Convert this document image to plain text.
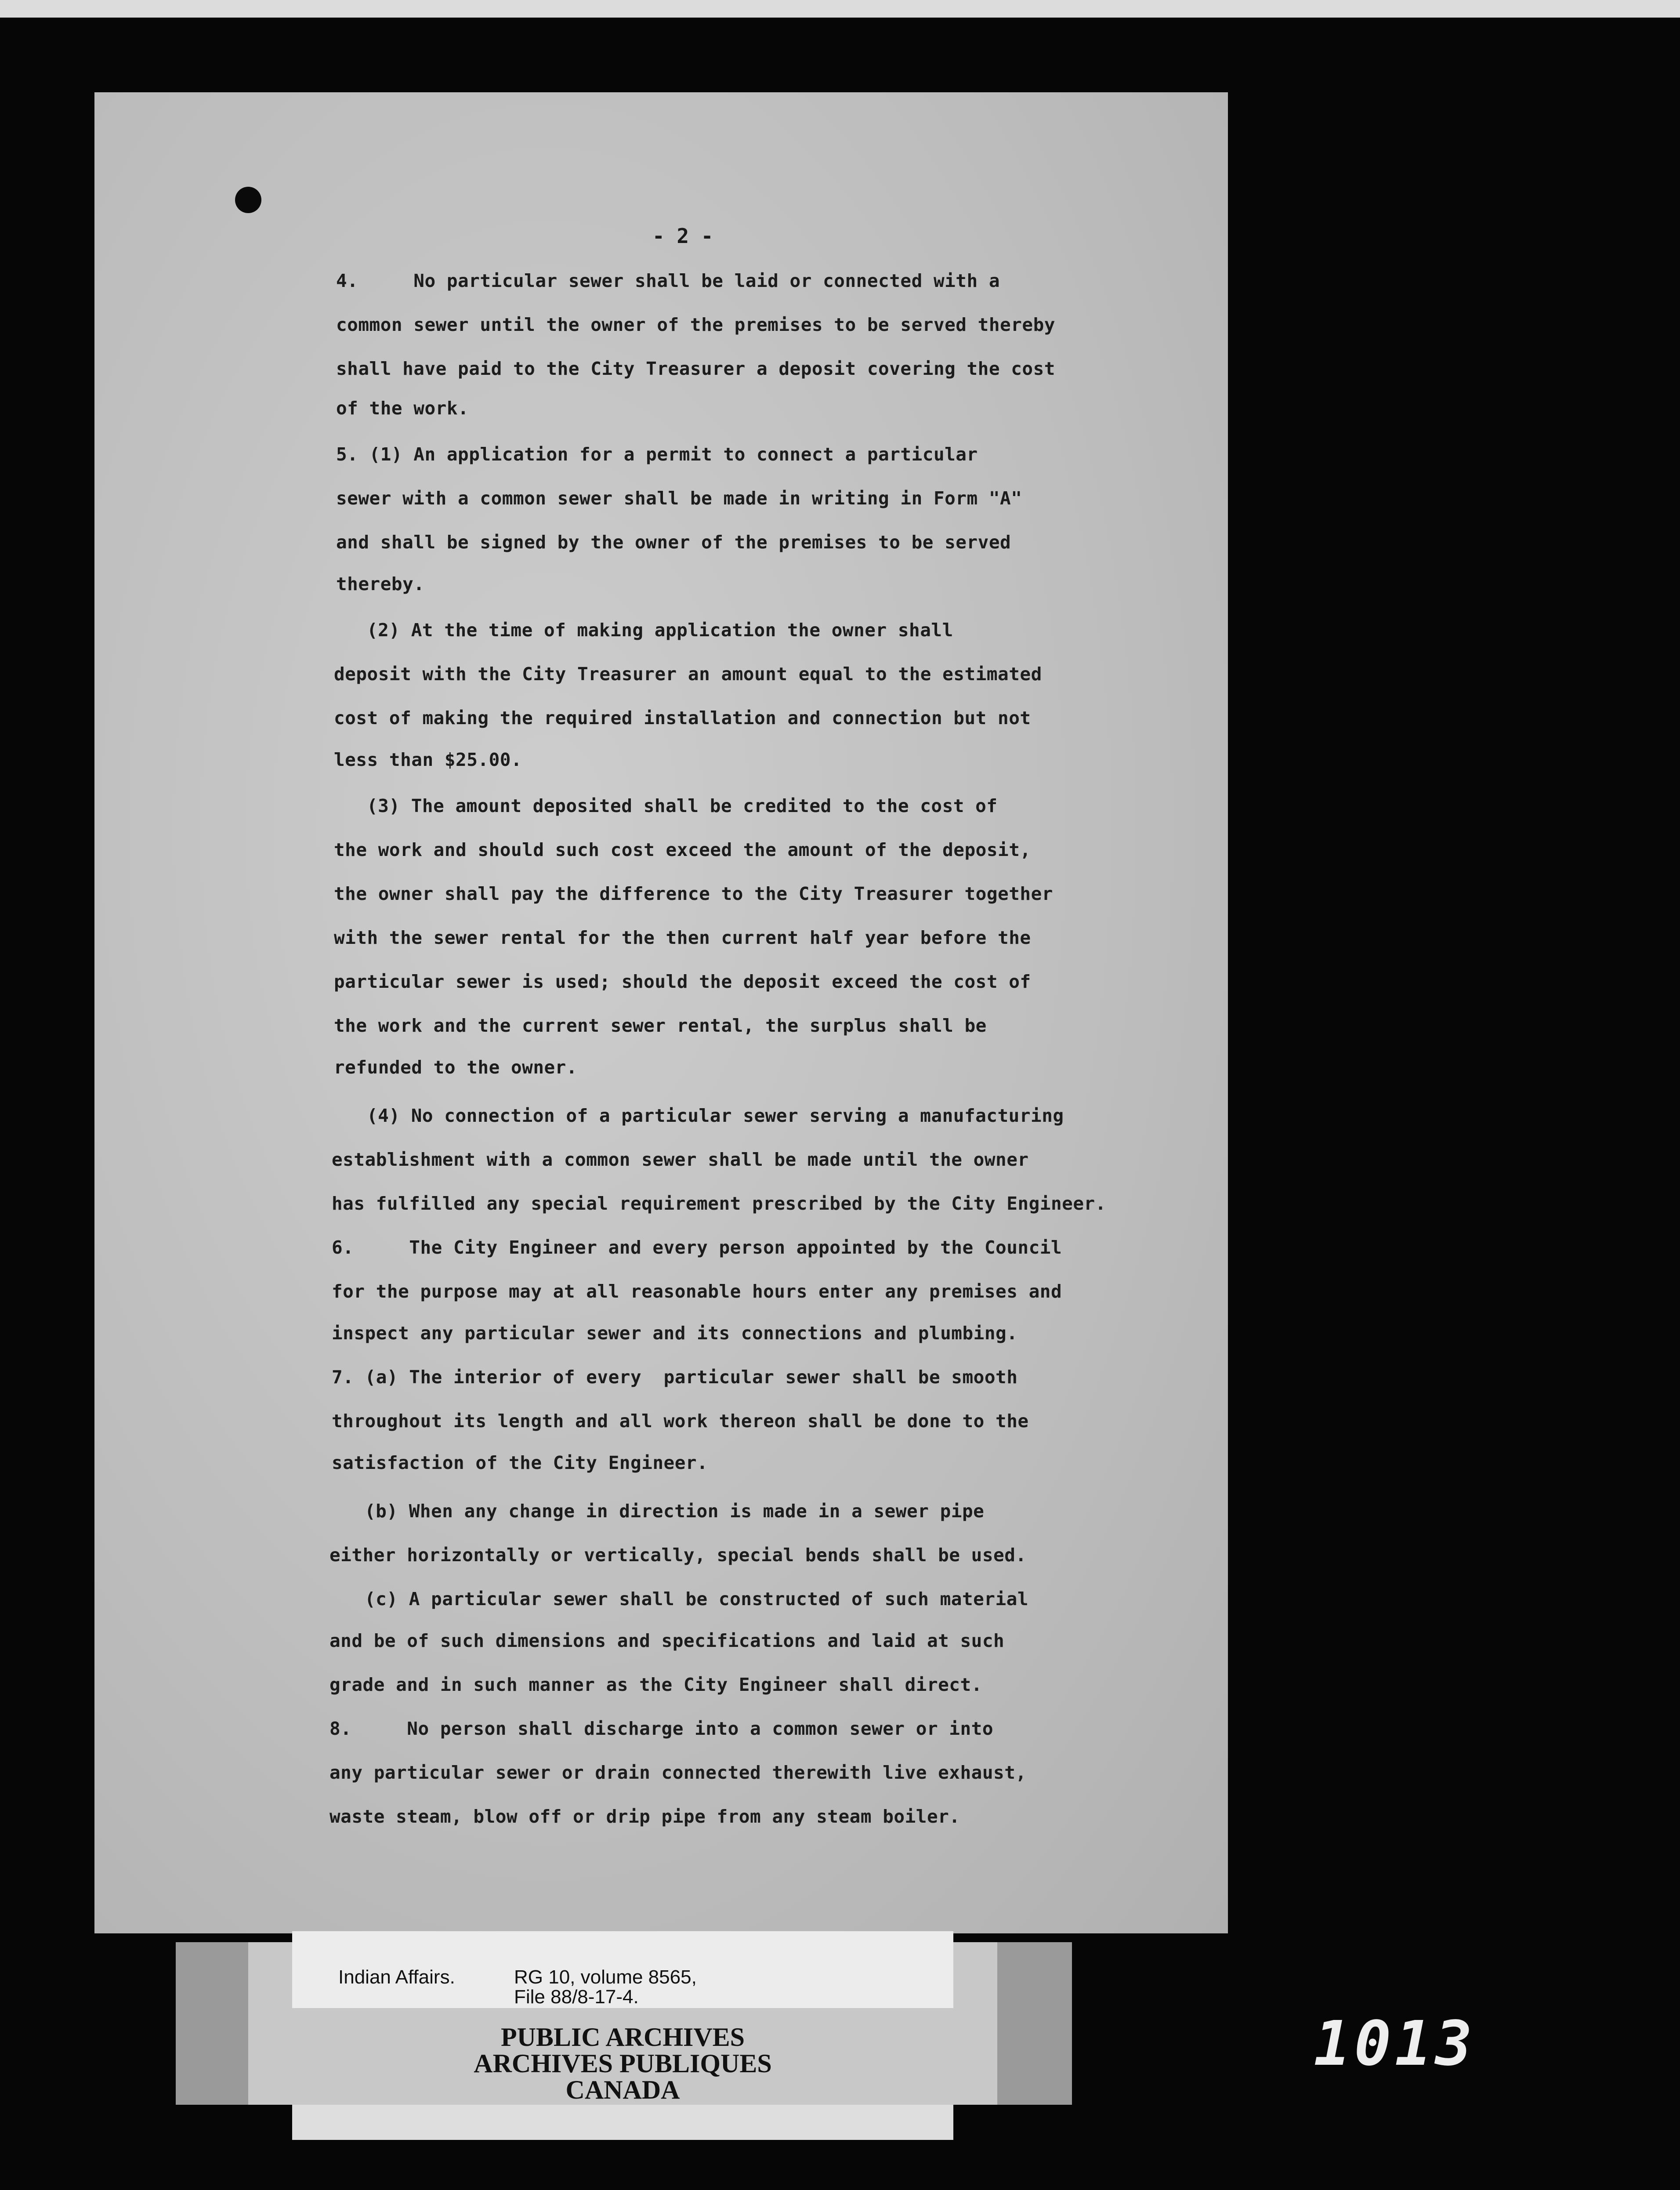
- 2 -
4.     No particular sewer shall be laid or connected with a
common sewer until the owner of the premises to be served thereby
shall have paid to the City Treasurer a deposit covering the cost
of the work.
5. (1) An application for a permit to connect a particular
sewer with a common sewer shall be made in writing in Form "A"
and shall be signed by the owner of the premises to be served
thereby.
(2) At the time of making application the owner shall
deposit with the City Treasurer an amount equal to the estimated
cost of making the required installation and connection but not
less than $25.00.
(3) The amount deposited shall be credited to the cost of
the work and should such cost exceed the amount of the deposit,
the owner shall pay the difference to the City Treasurer together
with the sewer rental for the then current half year before the
particular sewer is used; should the deposit exceed the cost of
the work and the current sewer rental, the surplus shall be
refunded to the owner.
(4) No connection of a particular sewer serving a manufacturing
establishment with a common sewer shall be made until the owner
has fulfilled any special requirement prescribed by the City Engineer.
6.     The City Engineer and every person appointed by the Council
for the purpose may at all reasonable hours enter any premises and
inspect any particular sewer and its connections and plumbing.
7. (a) The interior of every  particular sewer shall be smooth
throughout its length and all work thereon shall be done to the
satisfaction of the City Engineer.
(b) When any change in direction is made in a sewer pipe
either horizontally or vertically, special bends shall be used.
(c) A particular sewer shall be constructed of such material
and be of such dimensions and specifications and laid at such
grade and in such manner as the City Engineer shall direct.
8.     No person shall discharge into a common sewer or into
any particular sewer or drain connected therewith live exhaust,
waste steam, blow off or drip pipe from any steam boiler.
PUBLIC ARCHIVES
ARCHIVES PUBLIQUES
CANADA
Indian Affairs.	RG 10, volume 8565,
File 88/8-17-4.
1013
